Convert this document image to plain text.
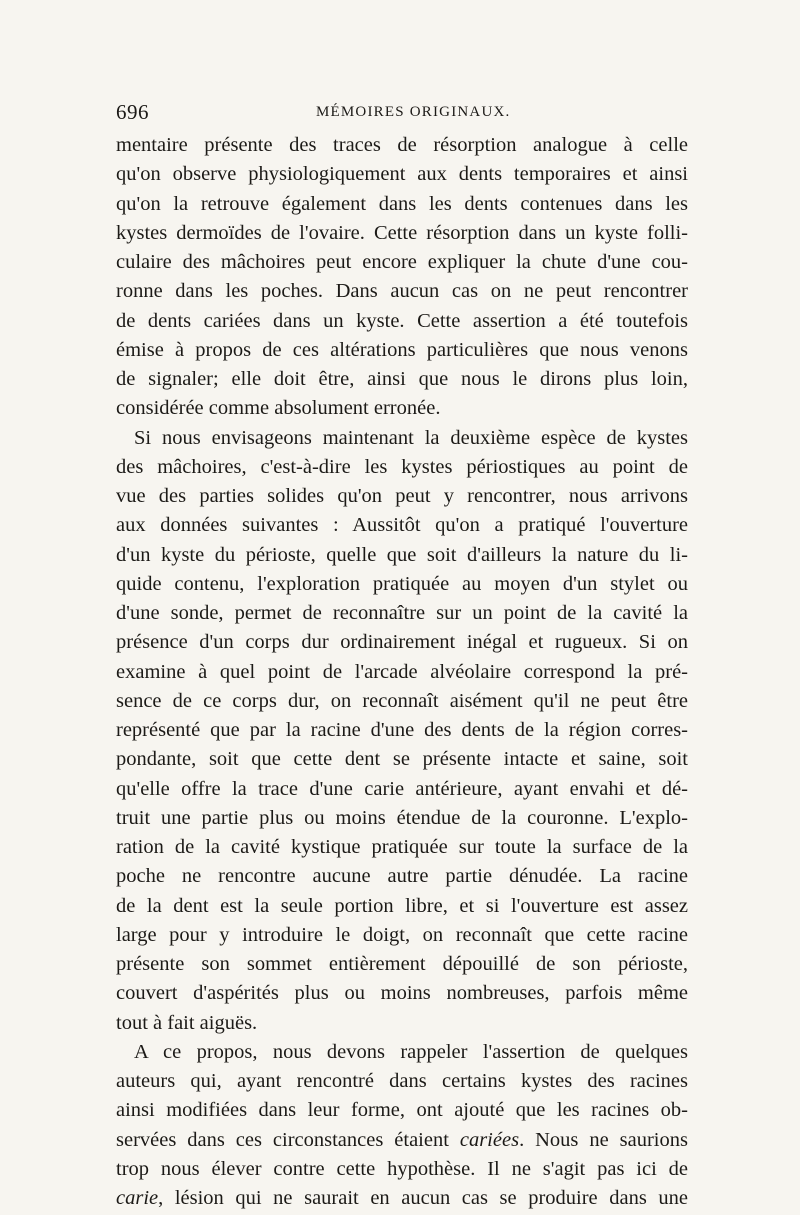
696	MÉMOIRES ORIGINAUX.
mentaire présente des traces de résorption analogue à celle
qu'on observe physiologiquement aux dents temporaires et ainsi
qu'on la retrouve également dans les dents contenues dans les
kystes dermoïdes de l'ovaire. Cette résorption dans un kyste folli-
culaire des mâchoires peut encore expliquer la chute d'une cou-
ronne dans les poches. Dans aucun cas on ne peut rencontrer
de dents cariées dans un kyste. Cette assertion a été toutefois
émise à propos de ces altérations particulières que nous venons
de signaler; elle doit être, ainsi que nous le dirons plus loin,
considérée comme absolument erronée.
Si nous envisageons maintenant la deuxième espèce de kystes
des mâchoires, c'est-à-dire les kystes périostiques au point de
vue des parties solides qu'on peut y rencontrer, nous arrivons
aux données suivantes : Aussitôt qu'on a pratiqué l'ouverture
d'un kyste du périoste, quelle que soit d'ailleurs la nature du li-
quide contenu, l'exploration pratiquée au moyen d'un stylet ou
d'une sonde, permet de reconnaître sur un point de la cavité la
présence d'un corps dur ordinairement inégal et rugueux. Si on
examine à quel point de l'arcade alvéolaire correspond la pré-
sence de ce corps dur, on reconnaît aisément qu'il ne peut être
représenté que par la racine d'une des dents de la région corres-
pondante, soit que cette dent se présente intacte et saine, soit
qu'elle offre la trace d'une carie antérieure, ayant envahi et dé-
truit une partie plus ou moins étendue de la couronne. L'explo-
ration de la cavité kystique pratiquée sur toute la surface de la
poche ne rencontre aucune autre partie dénudée. La racine
de la dent est la seule portion libre, et si l'ouverture est assez
large pour y introduire le doigt, on reconnaît que cette racine
présente son sommet entièrement dépouillé de son périoste,
couvert d'aspérités plus ou moins nombreuses, parfois même
tout à fait aiguës.
A ce propos, nous devons rappeler l'assertion de quelques
auteurs qui, ayant rencontré dans certains kystes des racines
ainsi modifiées dans leur forme, ont ajouté que les racines ob-
servées dans ces circonstances étaient cariées. Nous ne saurions
trop nous élever contre cette hypothèse. Il ne s'agit pas ici de
carie, lésion qui ne saurait en aucun cas se produire dans une
